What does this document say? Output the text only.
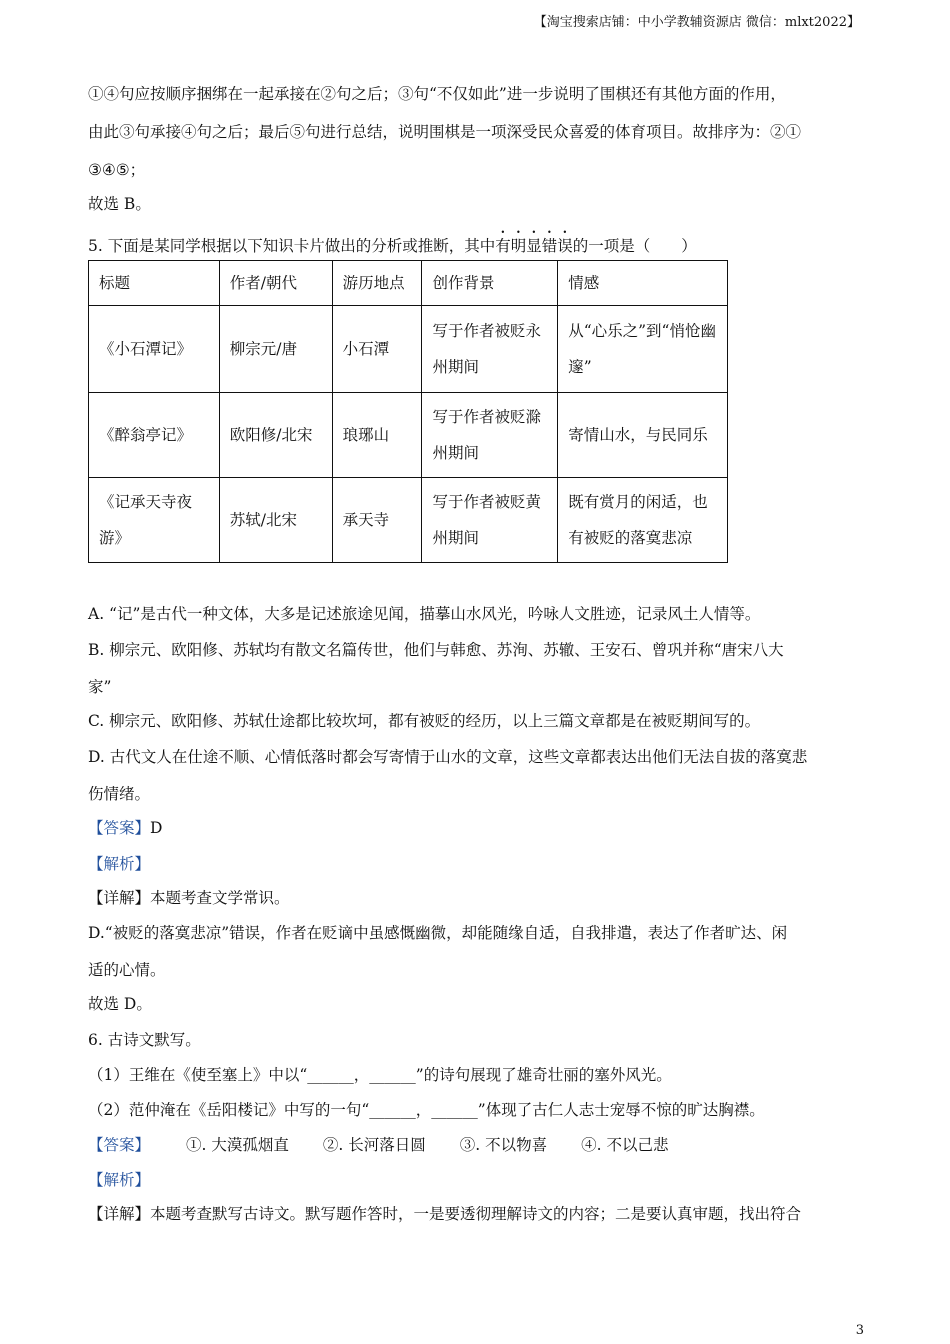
【淘宝搜索店铺：中小学教辅资源店 微信：mlxt2022】
①④句应按顺序捆绑在一起承接在②句之后；③句“不仅如此”进一步说明了围棋还有其他方面的作用，
由此③句承接④句之后；最后⑤句进行总结，说明围棋是一项深受民众喜爱的体育项目。故排序为：②①
③④⑤；
故选 B。
5. 下面是某同学根据以下知识卡片做出的分析或推断，其中有明显错误的一项是（　　）
标题	作者/朝代	游历地点	创作背景	情感
《小石潭记》	柳宗元/唐	小石潭	写于作者被贬永州期间	从“心乐之”到“悄怆幽邃”
《醉翁亭记》	欧阳修/北宋	琅琊山	写于作者被贬滁州期间	寄情山水，与民同乐
《记承天寺夜游》	苏轼/北宋	承天寺	写于作者被贬黄州期间	既有赏月的闲适，也有被贬的落寞悲凉
A. “记”是古代一种文体，大多是记述旅途见闻，描摹山水风光，吟咏人文胜迹，记录风土人情等。
B. 柳宗元、欧阳修、苏轼均有散文名篇传世，他们与韩愈、苏洵、苏辙、王安石、曾巩并称“唐宋八大
家”
C. 柳宗元、欧阳修、苏轼仕途都比较坎坷，都有被贬的经历，以上三篇文章都是在被贬期间写的。
D. 古代文人在仕途不顺、心情低落时都会写寄情于山水的文章，这些文章都表达出他们无法自拔的落寞悲
伤情绪。
【答案】D
【解析】
【详解】本题考查文学常识。
D.“被贬的落寞悲凉”错误，作者在贬谪中虽感慨幽微，却能随缘自适，自我排遣，表达了作者旷达、闲
适的心情。
故选 D。
6. 古诗文默写。
（1）王维在《使至塞上》中以“______，______”的诗句展现了雄奇壮丽的塞外风光。
（2）范仲淹在《岳阳楼记》中写的一句“______，______”体现了古仁人志士宠辱不惊的旷达胸襟。
【答案】 ①. 大漠孤烟直 ②. 长河落日圆 ③. 不以物喜 ④. 不以己悲
【解析】
【详解】本题考查默写古诗文。默写题作答时，一是要透彻理解诗文的内容；二是要认真审题，找出符合
3
